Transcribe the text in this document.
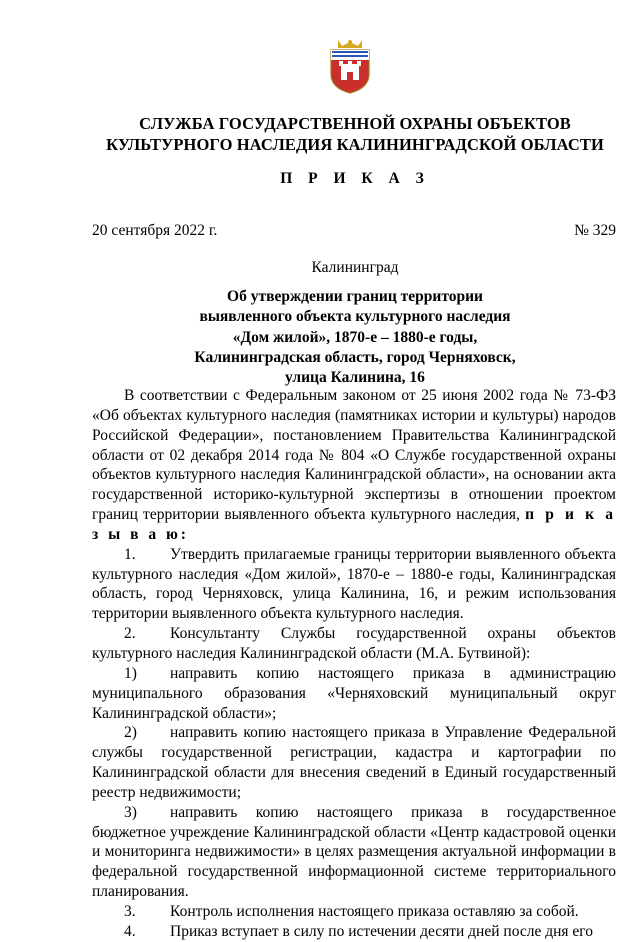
СЛУЖБА ГОСУДАРСТВЕННОЙ ОХРАНЫ ОБЪЕКТОВ
КУЛЬТУРНОГО НАСЛЕДИЯ КАЛИНИНГРАДСКОЙ ОБЛАСТИ
П Р И К А З
20 сентября 2022 г.	№ 329
Калининград
Об утверждении границ территории
выявленного объекта культурного наследия
«Дом жилой», 1870-е – 1880-е годы,
Калининградская область, город Черняховск,
улица Калинина, 16

В соответствии с Федеральным законом от 25 июня 2002 года № 73-ФЗ «Об объектах культурного наследия (памятниках истории и культуры) народов Российской Федерации», постановлением Правительства Калининградской области от 02 декабря 2014 года № 804 «О Службе государственной охраны объектов культурного наследия Калининградской области», на основании акта государственной историко-культурной экспертизы в отношении проектом границ территории выявленного объекта культурного наследия, п р и к а з ы в а ю:

1. Утвердить прилагаемые границы территории выявленного объекта культурного наследия «Дом жилой», 1870-е – 1880-е годы, Калининградская область, город Черняховск, улица Калинина, 16, и режим использования территории выявленного объекта культурного наследия.

2. Консультанту Службы государственной охраны объектов культурного наследия Калининградской области (М.А. Бутвиной):

1) направить копию настоящего приказа в администрацию муниципального образования «Черняховский муниципальный округ Калининградской области»;

2) направить копию настоящего приказа в Управление Федеральной службы государственной регистрации, кадастра и картографии по Калининградской области для внесения сведений в Единый государственный реестр недвижимости;

3) направить копию настоящего приказа в государственное бюджетное учреждение Калининградской области «Центр кадастровой оценки и мониторинга недвижимости» в целях размещения актуальной информации в федеральной государственной информационной системе территориального планирования.

3. Контроль исполнения настоящего приказа оставляю за собой.

4. Приказ вступает в силу по истечении десяти дней после дня его
